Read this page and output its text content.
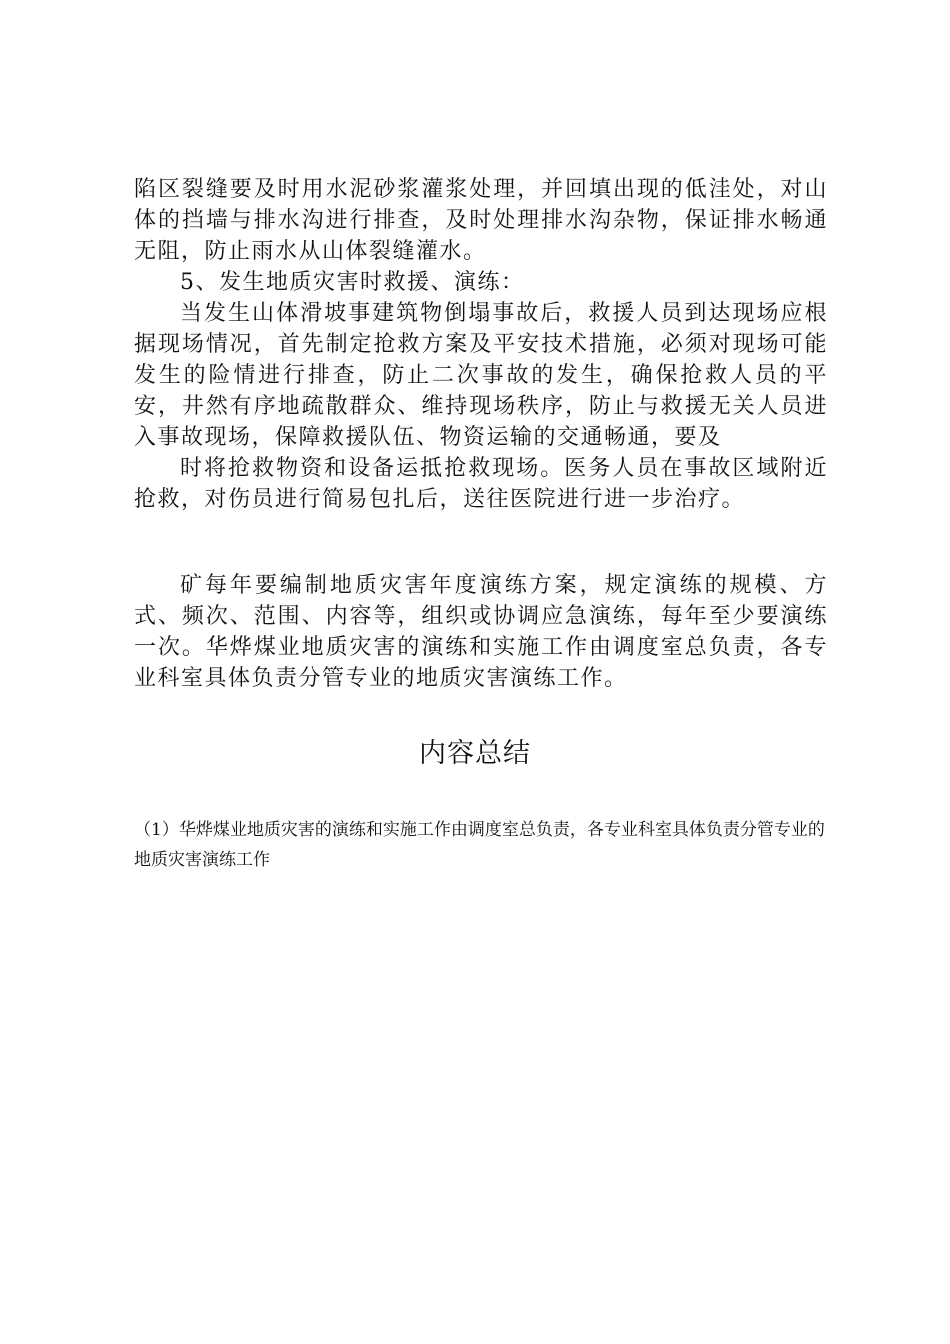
陷区裂缝要及时用水泥砂浆灌浆处理，并回填出现的低洼处，对山体的挡墙与排水沟进行排查，及时处理排水沟杂物，保证排水畅通无阻，防止雨水从山体裂缝灌水。

5、发生地质灾害时救援、演练：

当发生山体滑坡事建筑物倒塌事故后，救援人员到达现场应根据现场情况，首先制定抢救方案及平安技术措施，必须对现场可能发生的险情进行排查，防止二次事故的发生，确保抢救人员的平安，井然有序地疏散群众、维持现场秩序，防止与救援无关人员进入事故现场，保障救援队伍、物资运输的交通畅通，要及

时将抢救物资和设备运抵抢救现场。医务人员在事故区域附近抢救，对伤员进行简易包扎后，送往医院进行进一步治疗。

矿每年要编制地质灾害年度演练方案，规定演练的规模、方式、频次、范围、内容等，组织或协调应急演练，每年至少要演练一次。华烨煤业地质灾害的演练和实施工作由调度室总负责，各专业科室具体负责分管专业的地质灾害演练工作。

内容总结

（1）华烨煤业地质灾害的演练和实施工作由调度室总负责，各专业科室具体负责分管专业的地质灾害演练工作
